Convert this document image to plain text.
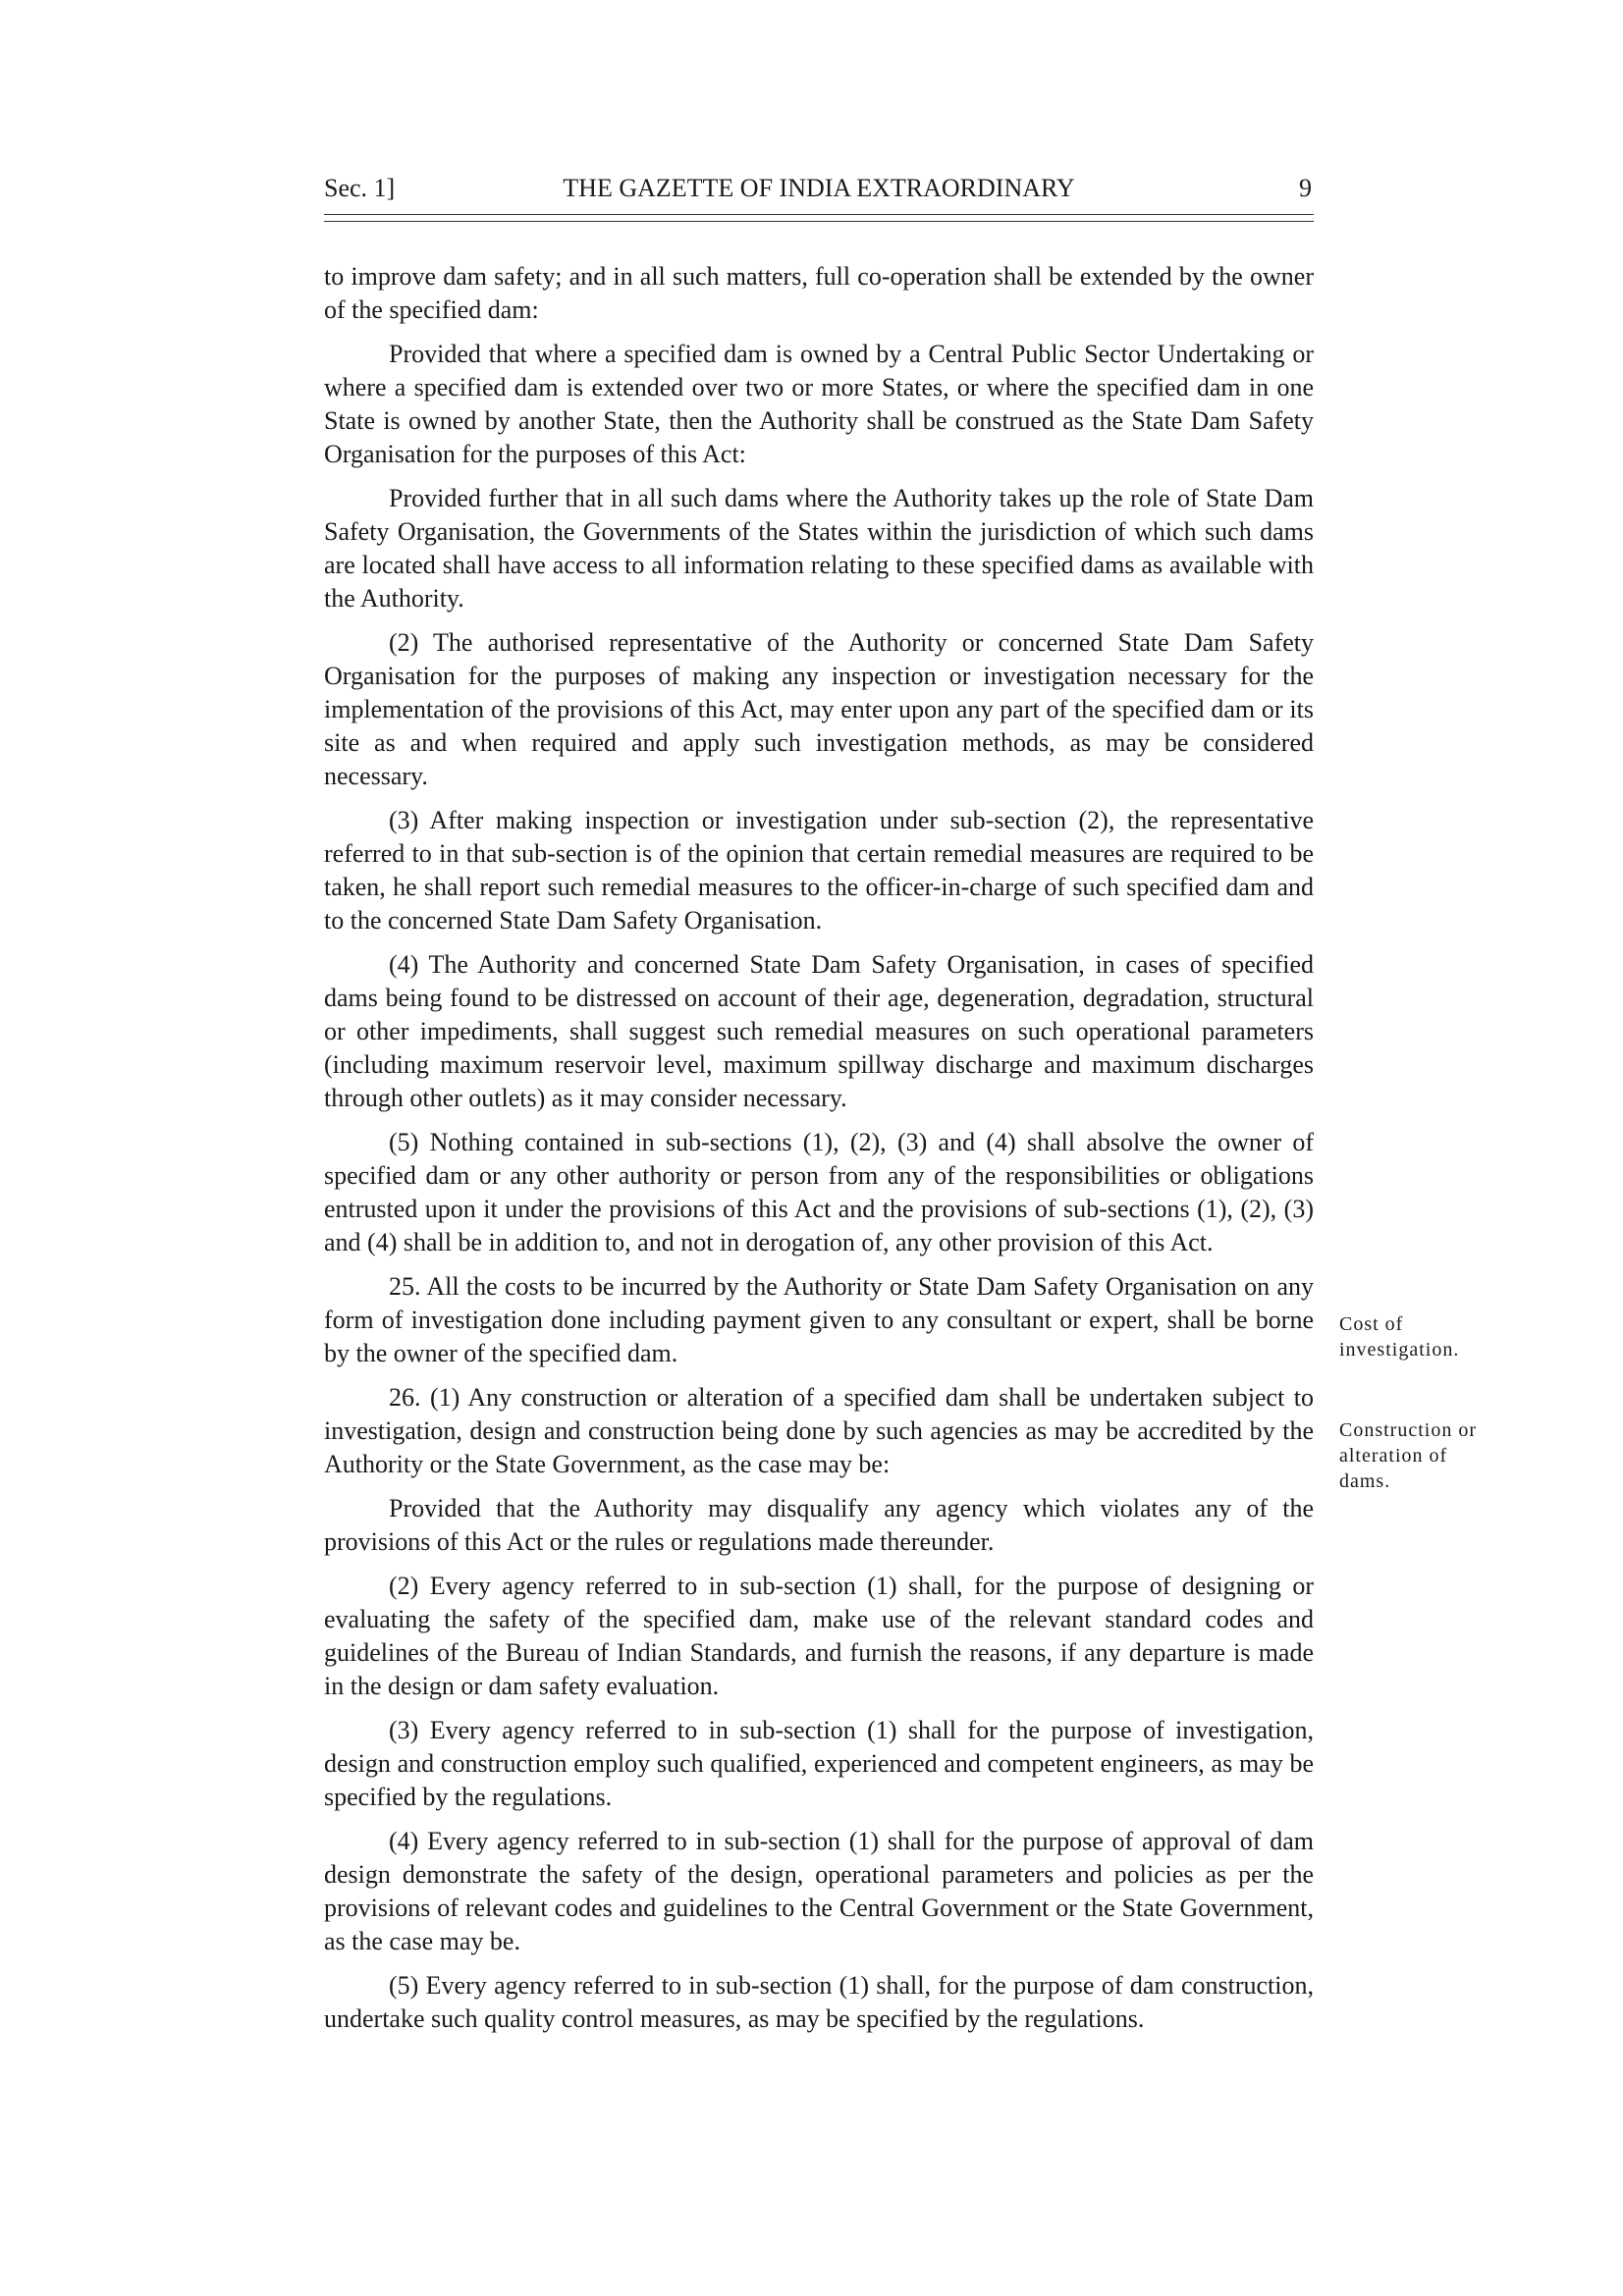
Sec. 1]	THE GAZETTE OF INDIA EXTRAORDINARY	9

to improve dam safety; and in all such matters, full co-operation shall be extended by the owner of the specified dam:

Provided that where a specified dam is owned by a Central Public Sector Undertaking or where a specified dam is extended over two or more States, or where the specified dam in one State is owned by another State, then the Authority shall be construed as the State Dam Safety Organisation for the purposes of this Act:

Provided further that in all such dams where the Authority takes up the role of State Dam Safety Organisation, the Governments of the States within the jurisdiction of which such dams are located shall have access to all information relating to these specified dams as available with the Authority.

(2) The authorised representative of the Authority or concerned State Dam Safety Organisation for the purposes of making any inspection or investigation necessary for the implementation of the provisions of this Act, may enter upon any part of the specified dam or its site as and when required and apply such investigation methods, as may be considered necessary.

(3) After making inspection or investigation under sub-section (2), the representative referred to in that sub-section is of the opinion that certain remedial measures are required to be taken, he shall report such remedial measures to the officer-in-charge of such specified dam and to the concerned State Dam Safety Organisation.

(4) The Authority and concerned State Dam Safety Organisation, in cases of specified dams being found to be distressed on account of their age, degeneration, degradation, structural or other impediments, shall suggest such remedial measures on such operational parameters (including maximum reservoir level, maximum spillway discharge and maximum discharges through other outlets) as it may consider necessary.

(5) Nothing contained in sub-sections (1), (2), (3) and (4) shall absolve the owner of specified dam or any other authority or person from any of the responsibilities or obligations entrusted upon it under the provisions of this Act and the provisions of sub-sections (1), (2), (3) and (4) shall be in addition to, and not in derogation of, any other provision of this Act.

25. All the costs to be incurred by the Authority or State Dam Safety Organisation on any form of investigation done including payment given to any consultant or expert, shall be borne by the owner of the specified dam.

26. (1) Any construction or alteration of a specified dam shall be undertaken subject to investigation, design and construction being done by such agencies as may be accredited by the Authority or the State Government, as the case may be:

Provided that the Authority may disqualify any agency which violates any of the provisions of this Act or the rules or regulations made thereunder.

(2) Every agency referred to in sub-section (1) shall, for the purpose of designing or evaluating the safety of the specified dam, make use of the relevant standard codes and guidelines of the Bureau of Indian Standards, and furnish the reasons, if any departure is made in the design or dam safety evaluation.

(3) Every agency referred to in sub-section (1) shall for the purpose of investigation, design and construction employ such qualified, experienced and competent engineers, as may be specified by the regulations.

(4) Every agency referred to in sub-section (1) shall for the purpose of approval of dam design demonstrate the safety of the design, operational parameters and policies as per the provisions of relevant codes and guidelines to the Central Government or the State Government, as the case may be.

(5) Every agency referred to in sub-section (1) shall, for the purpose of dam construction, undertake such quality control measures, as may be specified by the regulations.

Cost of investigation.
Construction or alteration of dams.
